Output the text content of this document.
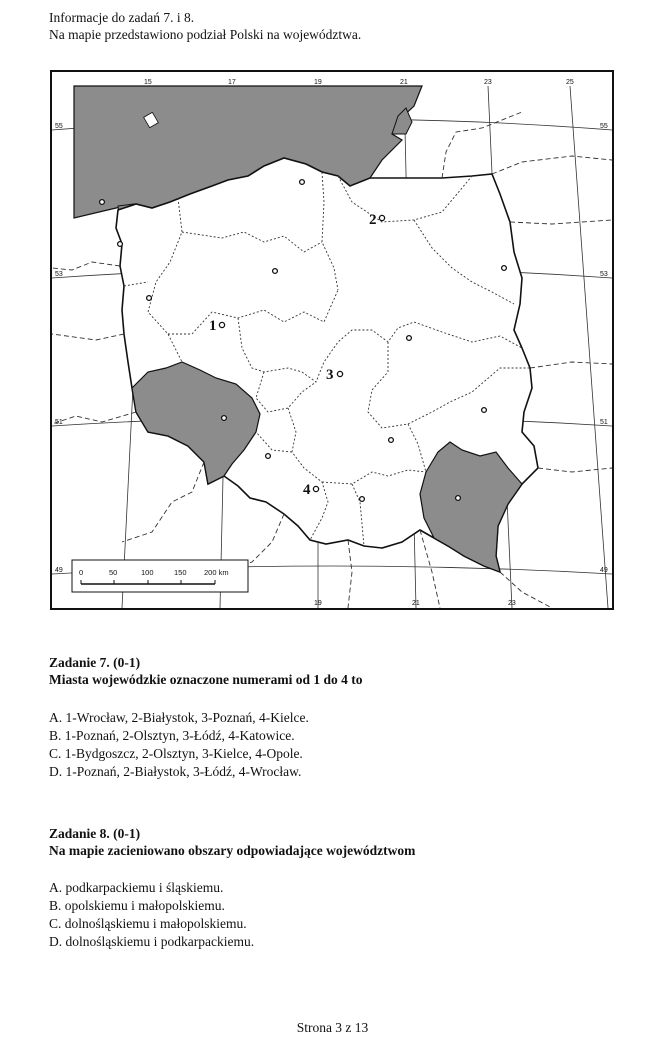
Informacje do zadań 7. i 8.
Na mapie przedstawiono podział Polski na województwa.
1
2
3
4
15	17	19	21	23	25
19	21	23
55
53
51
49
55
53
51
49
0	50	100	150 200 km
Zadanie 7. (0-1)
Miasta wojewódzkie oznaczone numerami od 1 do 4 to
A. 1-Wrocław, 2-Białystok, 3-Poznań, 4-Kielce.
B. 1-Poznań, 2-Olsztyn, 3-Łódź, 4-Katowice.
C. 1-Bydgoszcz, 2-Olsztyn, 3-Kielce, 4-Opole.
D. 1-Poznań, 2-Białystok, 3-Łódź, 4-Wrocław.
Zadanie 8. (0-1)
Na mapie zacieniowano obszary odpowiadające województwom
A. podkarpackiemu i śląskiemu.
B. opolskiemu i małopolskiemu.
C. dolnośląskiemu i małopolskiemu.
D. dolnośląskiemu i podkarpackiemu.
Strona 3 z 13
